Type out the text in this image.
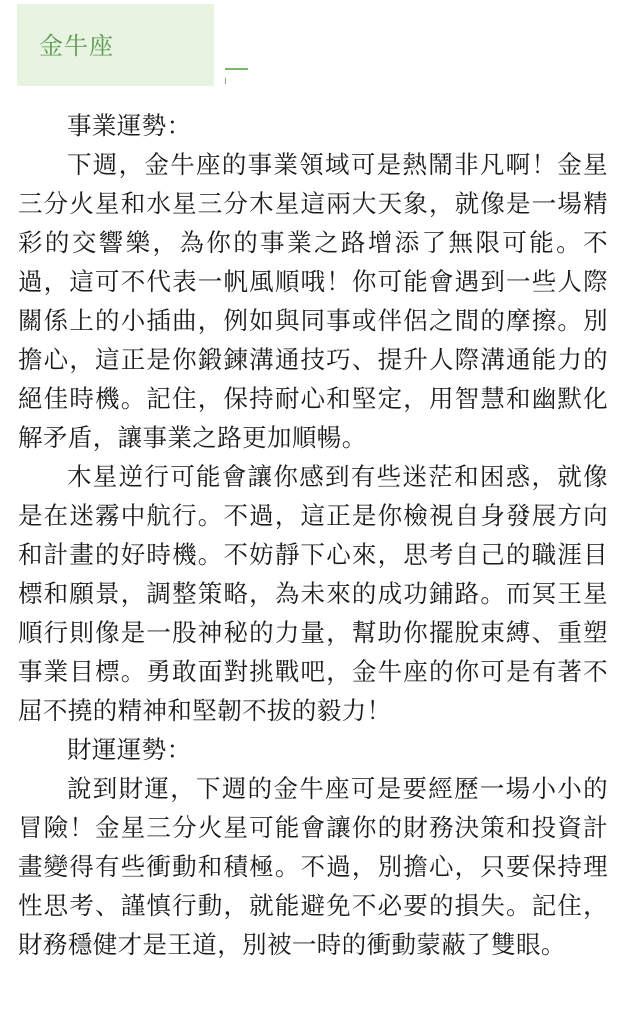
金牛座

事業運勢：

下週，金牛座的事業領域可是熱鬧非凡啊！金星三分火星和水星三分木星這兩大天象，就像是一場精彩的交響樂，為你的事業之路增添了無限可能。不過，這可不代表一帆風順哦！你可能會遇到一些人際關係上的小插曲，例如與同事或伴侶之間的摩擦。別擔心，這正是你鍛鍊溝通技巧、提升人際溝通能力的絕佳時機。記住，保持耐心和堅定，用智慧和幽默化解矛盾，讓事業之路更加順暢。

木星逆行可能會讓你感到有些迷茫和困惑，就像是在迷霧中航行。不過，這正是你檢視自身發展方向和計畫的好時機。不妨靜下心來，思考自己的職涯目標和願景，調整策略，為未來的成功鋪路。而冥王星順行則像是一股神秘的力量，幫助你擺脫束縛、重塑事業目標。勇敢面對挑戰吧，金牛座的你可是有著不屈不撓的精神和堅韌不拔的毅力！

財運運勢：

說到財運，下週的金牛座可是要經歷一場小小的冒險！金星三分火星可能會讓你的財務決策和投資計畫變得有些衝動和積極。不過，別擔心，只要保持理性思考、謹慎行動，就能避免不必要的損失。記住，財務穩健才是王道，別被一時的衝動蒙蔽了雙眼。
